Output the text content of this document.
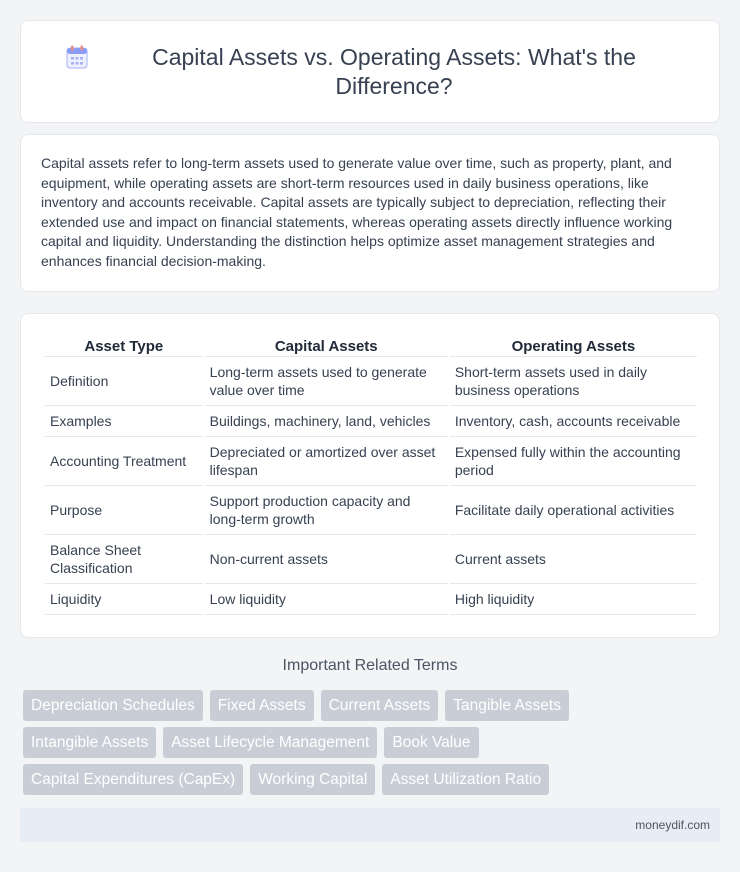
Capital Assets vs. Operating Assets: What's the Difference?

Capital assets refer to long-term assets used to generate value over time, such as property, plant, and equipment, while operating assets are short-term resources used in daily business operations, like inventory and accounts receivable. Capital assets are typically subject to depreciation, reflecting their extended use and impact on financial statements, whereas operating assets directly influence working capital and liquidity. Understanding the distinction helps optimize asset management strategies and enhances financial decision-making.

Asset Type	Capital Assets	Operating Assets
Definition	Long-term assets used to generate value over time	Short-term assets used in daily business operations
Examples	Buildings, machinery, land, vehicles	Inventory, cash, accounts receivable
Accounting Treatment	Depreciated or amortized over asset lifespan	Expensed fully within the accounting period
Purpose	Support production capacity and long-term growth	Facilitate daily operational activities
Balance Sheet Classification	Non-current assets	Current assets
Liquidity	Low liquidity	High liquidity
Important Related Terms
Depreciation Schedules	Fixed Assets	Current Assets	Tangible Assets
Intangible Assets	Asset Lifecycle Management	Book Value
Capital Expenditures (CapEx)	Working Capital	Asset Utilization Ratio
moneydif.com
